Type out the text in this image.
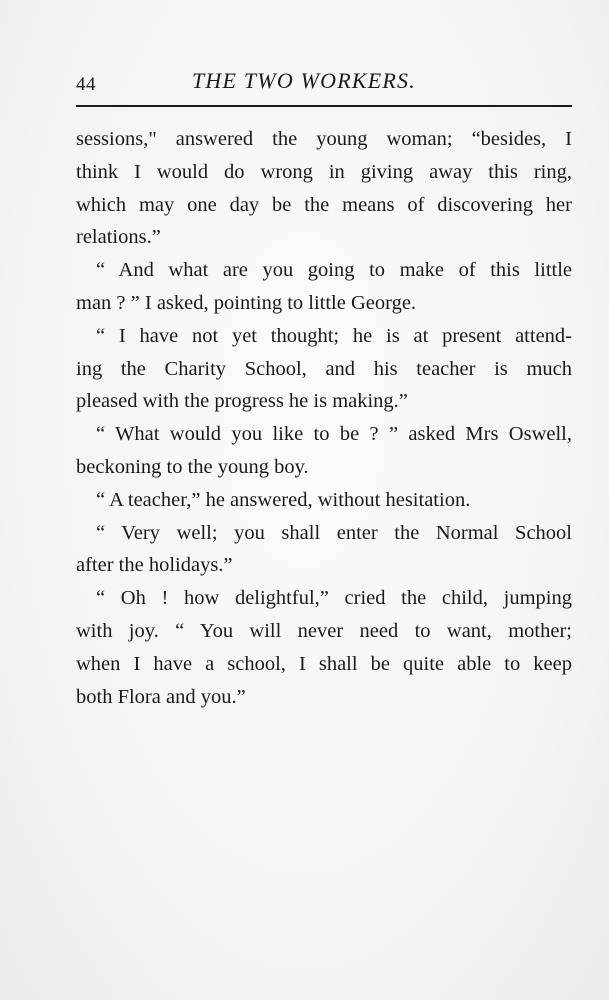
44	THE TWO WORKERS.
sessions," answered the young woman; “besides, I
think I would do wrong in giving away this ring,
which may one day be the means of discovering her
relations.”
“ And what are you going to make of this little
man ? ” I asked, pointing to little George.
“ I have not yet thought; he is at present attend-
ing the Charity School, and his teacher is much
pleased with the progress he is making.”
“ What would you like to be ? ” asked Mrs Oswell,
beckoning to the young boy.
“ A teacher,” he answered, without hesitation.
“ Very well; you shall enter the Normal School
after the holidays.”
“ Oh ! how delightful,” cried the child, jumping
with joy. “ You will never need to want, mother;
when I have a school, I shall be quite able to keep
both Flora and you.”
